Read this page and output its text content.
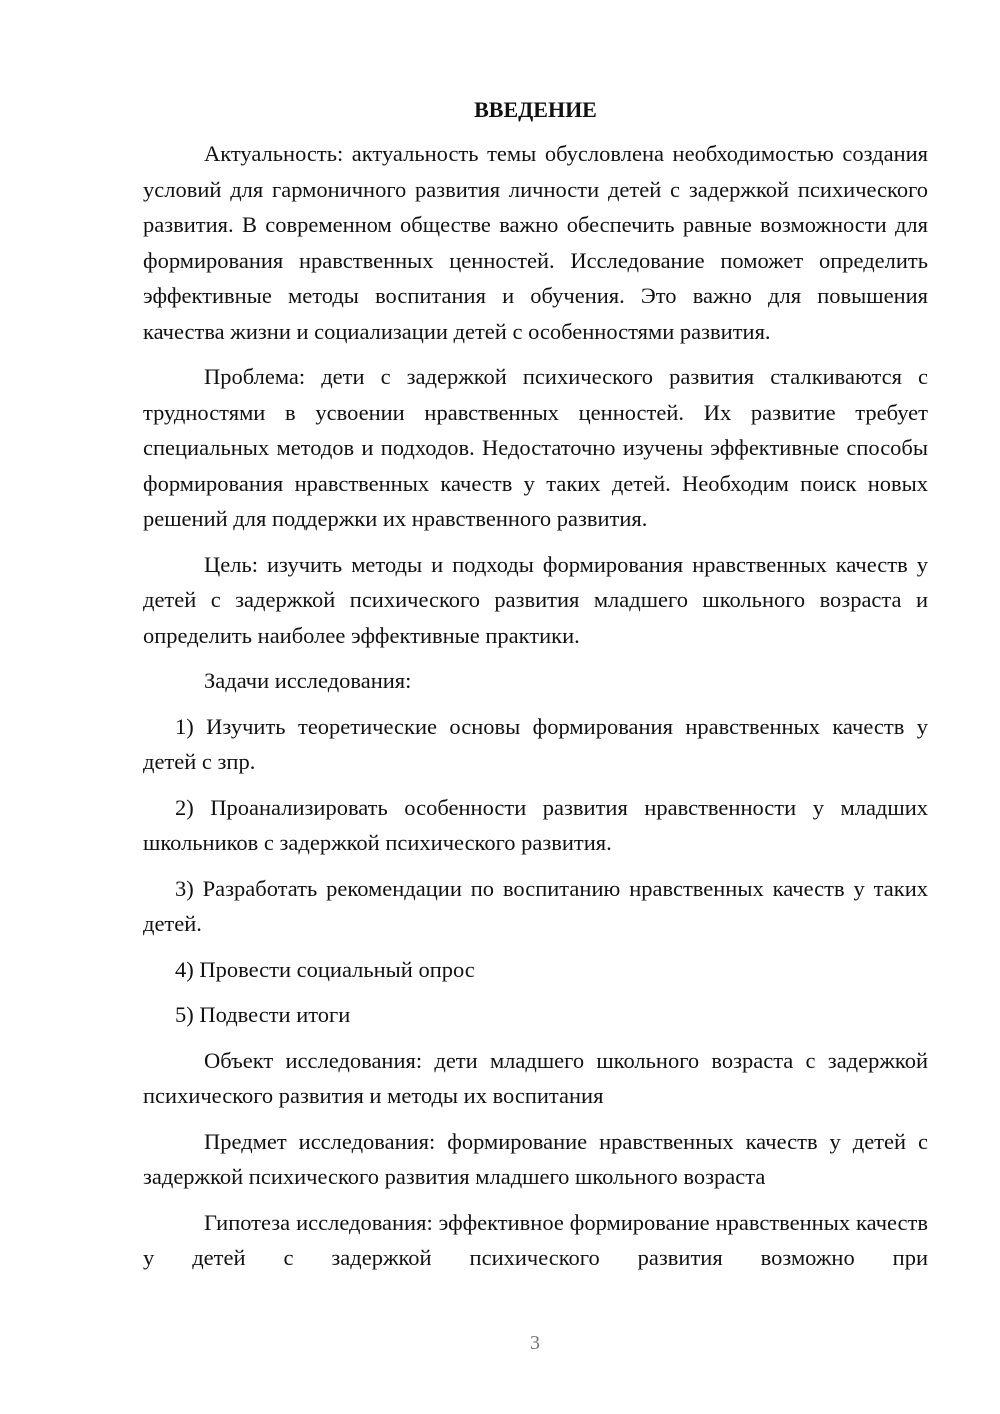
ВВЕДЕНИЕ

Актуальность: актуальность темы обусловлена необходимостью создания условий для гармоничного развития личности детей с задержкой психического развития. В современном обществе важно обеспечить равные возможности для формирования нравственных ценностей. Исследование поможет определить эффективные методы воспитания и обучения. Это важно для повышения качества жизни и социализации детей с особенностями развития.

Проблема: дети с задержкой психического развития сталкиваются с трудностями в усвоении нравственных ценностей. Их развитие требует специальных методов и подходов. Недостаточно изучены эффективные способы формирования нравственных качеств у таких детей. Необходим поиск новых решений для поддержки их нравственного развития.

Цель: изучить методы и подходы формирования нравственных качеств у детей с задержкой психического развития младшего школьного возраста и определить наиболее эффективные практики.

Задачи исследования:

1) Изучить теоретические основы формирования нравственных качеств у детей с зпр.

2) Проанализировать особенности развития нравственности у младших школьников с задержкой психического развития.

3) Разработать рекомендации по воспитанию нравственных качеств у таких детей.

4) Провести социальный опрос

5) Подвести итоги

Объект исследования: дети младшего школьного возраста с задержкой психического развития и методы их воспитания

Предмет исследования: формирование нравственных качеств у детей с задержкой психического развития младшего школьного возраста

Гипотеза исследования: эффективное формирование нравственных качеств у детей с задержкой психического развития возможно при

3
